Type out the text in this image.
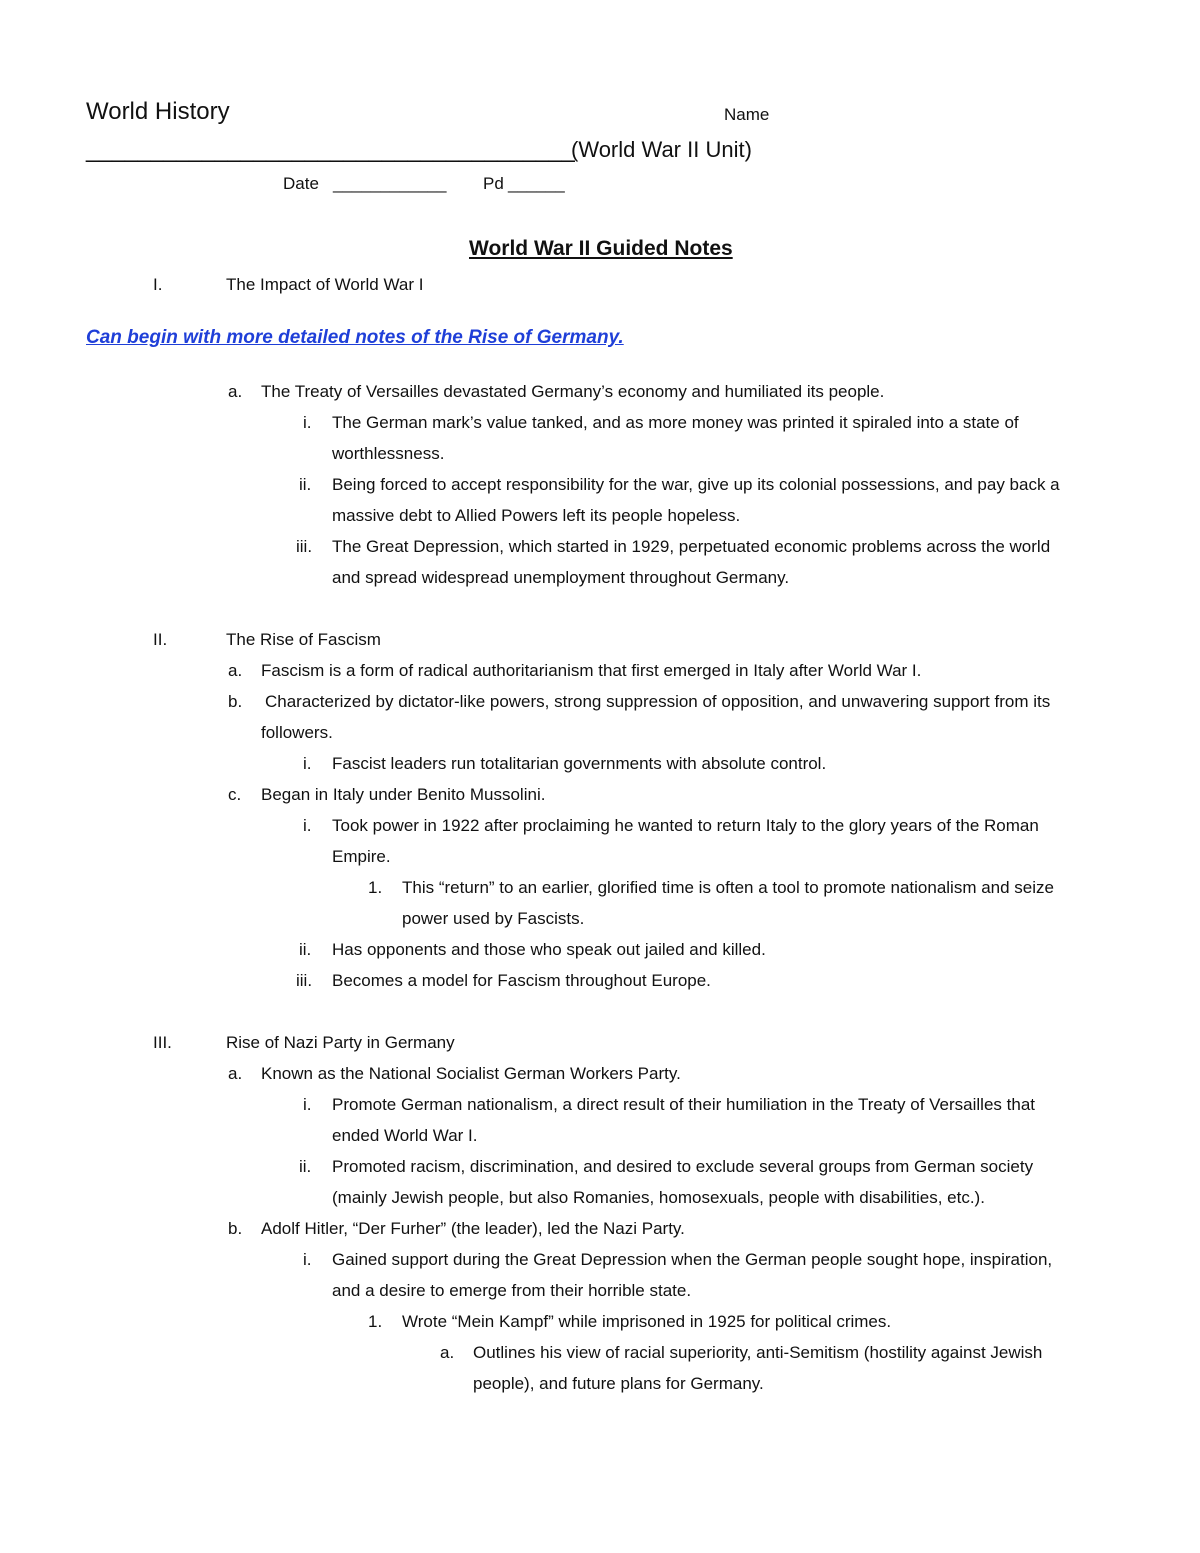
World History	Name
______________________________________
(World War II Unit)
Date ____________ Pd ______
World War II Guided Notes
I.	The Impact of World War I
Can begin with more detailed notes of the Rise of Germany.
a. The Treaty of Versailles devastated Germany’s economy and humiliated its people.
i. The German mark’s value tanked, and as more money was printed it spiraled into a state of
worthlessness.
ii. Being forced to accept responsibility for the war, give up its colonial possessions, and pay back a
massive debt to Allied Powers left its people hopeless.
iii. The Great Depression, which started in 1929, perpetuated economic problems across the world
and spread widespread unemployment throughout Germany.
II.	The Rise of Fascism
a. Fascism is a form of radical authoritarianism that first emerged in Italy after World War I.
b. Characterized by dictator-like powers, strong suppression of opposition, and unwavering support from its
followers.
i. Fascist leaders run totalitarian governments with absolute control.
c. Began in Italy under Benito Mussolini.
i. Took power in 1922 after proclaiming he wanted to return Italy to the glory years of the Roman
Empire.
1. This “return” to an earlier, glorified time is often a tool to promote nationalism and seize
power used by Fascists.
ii. Has opponents and those who speak out jailed and killed.
iii. Becomes a model for Fascism throughout Europe.
III.	Rise of Nazi Party in Germany
a. Known as the National Socialist German Workers Party.
i. Promote German nationalism, a direct result of their humiliation in the Treaty of Versailles that
ended World War I.
ii. Promoted racism, discrimination, and desired to exclude several groups from German society
(mainly Jewish people, but also Romanies, homosexuals, people with disabilities, etc.).
b. Adolf Hitler, “Der Furher” (the leader), led the Nazi Party.
i. Gained support during the Great Depression when the German people sought hope, inspiration,
and a desire to emerge from their horrible state.
1. Wrote “Mein Kampf” while imprisoned in 1925 for political crimes.
a. Outlines his view of racial superiority, anti-Semitism (hostility against Jewish
people), and future plans for Germany.
